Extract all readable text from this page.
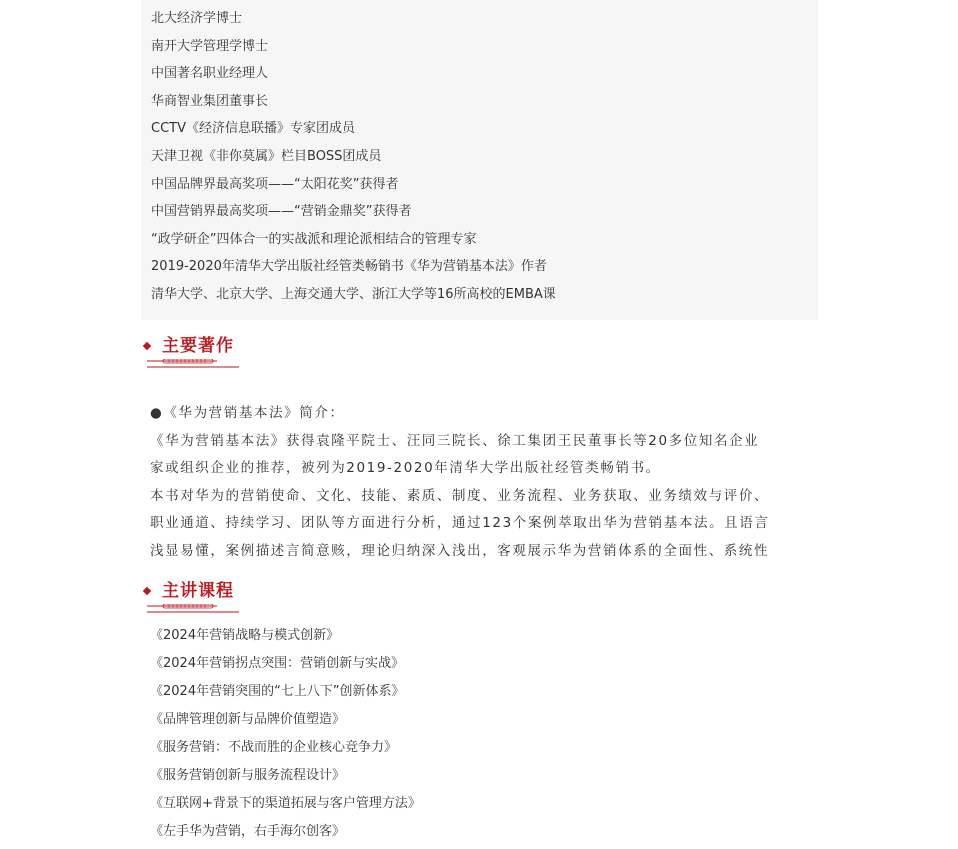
北大经济学博士
南开大学管理学博士
中国著名职业经理人
华商智业集团董事长
CCTV《经济信息联播》专家团成员
天津卫视《非你莫属》栏目BOSS团成员
中国品牌界最高奖项——“太阳花奖”获得者
中国营销界最高奖项——“营销金鼎奖”获得者
“政学研企”四体合一的实战派和理论派相结合的管理专家
2019-2020年清华大学出版社经管类畅销书《华为营销基本法》作者
清华大学、北京大学、上海交通大学、浙江大学等16所高校的EMBA课
主要著作

●《华为营销基本法》简介：

《华为营销基本法》获得袁隆平院士、汪同三院长、徐工集团王民董事长等20多位知名企业

家或组织企业的推荐，被列为2019-2020年清华大学出版社经管类畅销书。

本书对华为的营销使命、文化、技能、素质、制度、业务流程、业务获取、业务绩效与评价、

职业通道、持续学习、团队等方面进行分析，通过123个案例萃取出华为营销基本法。且语言

浅显易懂，案例描述言简意赅，理论归纳深入浅出，客观展示华为营销体系的全面性、系统性

主讲课程
《2024年营销战略与模式创新》
《2024年营销拐点突围：营销创新与实战》
《2024年营销突围的“七上八下”创新体系》
《品牌管理创新与品牌价值塑造》
《服务营销：不战而胜的企业核心竞争力》
《服务营销创新与服务流程设计》
《互联网+背景下的渠道拓展与客户管理方法》
《左手华为营销，右手海尔创客》
